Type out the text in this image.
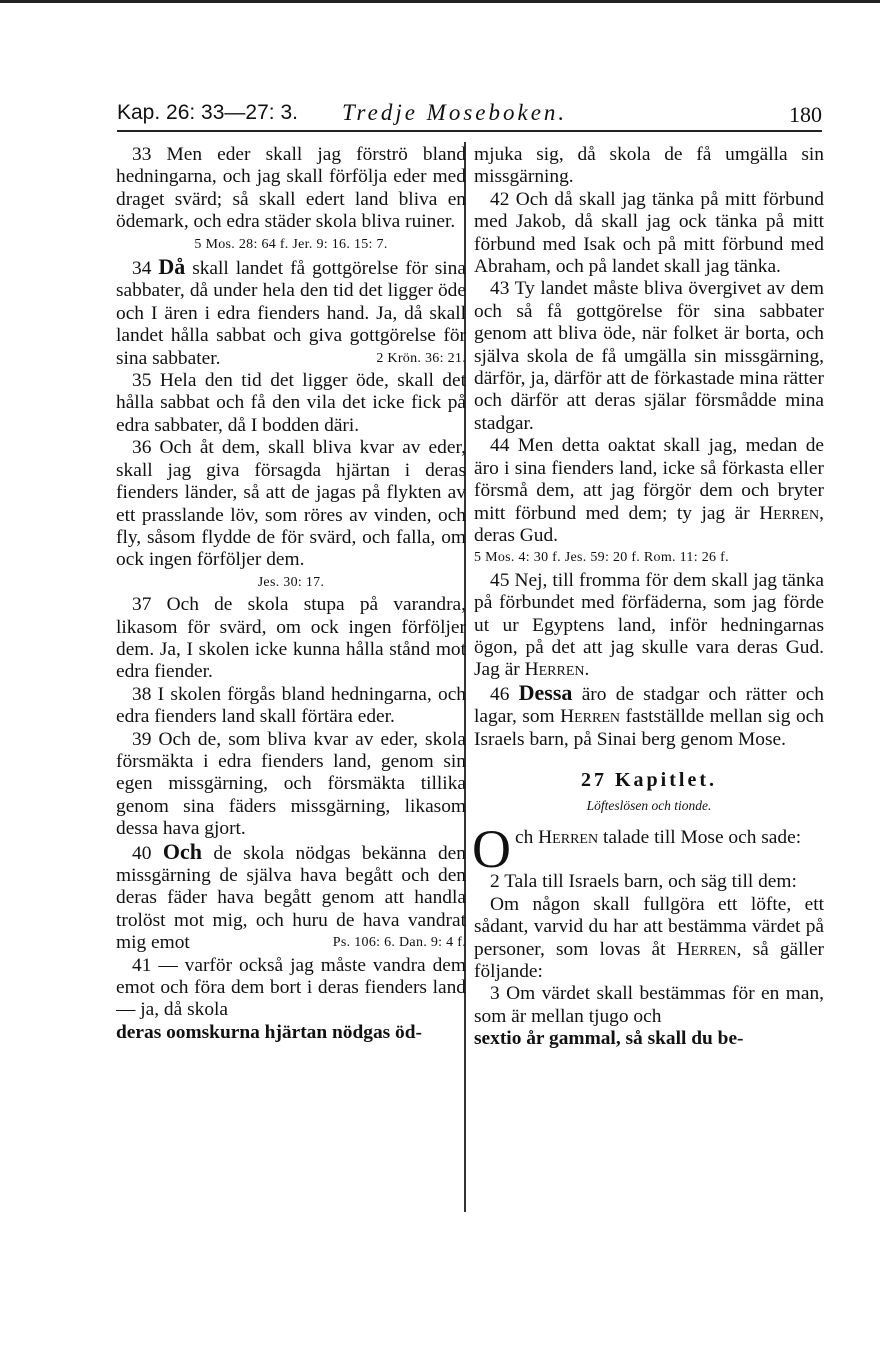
Kap. 26: 33—27: 3. Tredje Moseboken.	180

33 Men eder skall jag förströ bland hedningarna, och jag skall förfölja eder med draget svärd; så skall edert land bliva en ödemark, och edra städer skola bliva ruiner.

5 Mos. 28: 64 f. Jer. 9: 16. 15: 7.

34 Då skall landet få gottgörelse för sina sabbater, då under hela den tid det ligger öde och I ären i edra fienders hand. Ja, då skall landet hålla sabbat och giva gottgörelse för sina sabbater.	2 Krön. 36: 21.

35 Hela den tid det ligger öde, skall det hålla sabbat och få den vila det icke fick på edra sabbater, då I bodden däri.

36 Och åt dem, skall bliva kvar av eder, skall jag giva försagda hjärtan i deras fienders länder, så att de jagas på flykten av ett prasslande löv, som röres av vinden, och fly, såsom flydde de för svärd, och falla, om ock ingen förföljer dem.

Jes. 30: 17.

37 Och de skola stupa på varandra, likasom för svärd, om ock ingen förföljer dem. Ja, I skolen icke kunna hålla stånd mot edra fiender.

38 I skolen förgås bland hedningarna, och edra fienders land skall förtära eder.

39 Och de, som bliva kvar av eder, skola försmäkta i edra fienders land, genom sin egen missgärning, och försmäkta tillika genom sina fäders missgärning, likasom dessa hava gjort.

40 Och de skola nödgas bekänna den missgärning de själva hava begått och den deras fäder hava begått genom att handla trolöst mot mig, och huru de hava vandrat mig emot	Ps. 106: 6. Dan. 9: 4 f.

41 — varför också jag måste vandra dem emot och föra dem bort i deras fienders land — ja, då skola

deras oomskurna hjärtan nödgas öd-

mjuka sig, då skola de få umgälla sin missgärning.

42 Och då skall jag tänka på mitt förbund med Jakob, då skall jag ock tänka på mitt förbund med Isak och på mitt förbund med Abraham, och på landet skall jag tänka.

43 Ty landet måste bliva övergivet av dem och så få gottgörelse för sina sabbater genom att bliva öde, när folket är borta, och själva skola de få umgälla sin missgärning, därför, ja, därför att de förkastade mina rätter och därför att deras själar försmådde mina stadgar.

44 Men detta oaktat skall jag, medan de äro i sina fienders land, icke så förkasta eller försmå dem, att jag förgör dem och bryter mitt förbund med dem; ty jag är Herren, deras Gud.

5 Mos. 4: 30 f. Jes. 59: 20 f. Rom. 11: 26 f.

45 Nej, till fromma för dem skall jag tänka på förbundet med förfäderna, som jag förde ut ur Egyptens land, inför hedningarnas ögon, på det att jag skulle vara deras Gud. Jag är Herren.

46 Dessa äro de stadgar och rätter och lagar, som Herren fastställde mellan sig och Israels barn, på Sinai berg genom Mose.

27 Kapitlet.
Löfteslösen och tionde.

Och Herren talade till Mose och sade:

2 Tala till Israels barn, och säg till dem:

Om någon skall fullgöra ett löfte, ett sådant, varvid du har att bestämma värdet på personer, som lovas åt Herren, så gäller följande:

3 Om värdet skall bestämmas för en man, som är mellan tjugo och

sextio år gammal, så skall du be-
